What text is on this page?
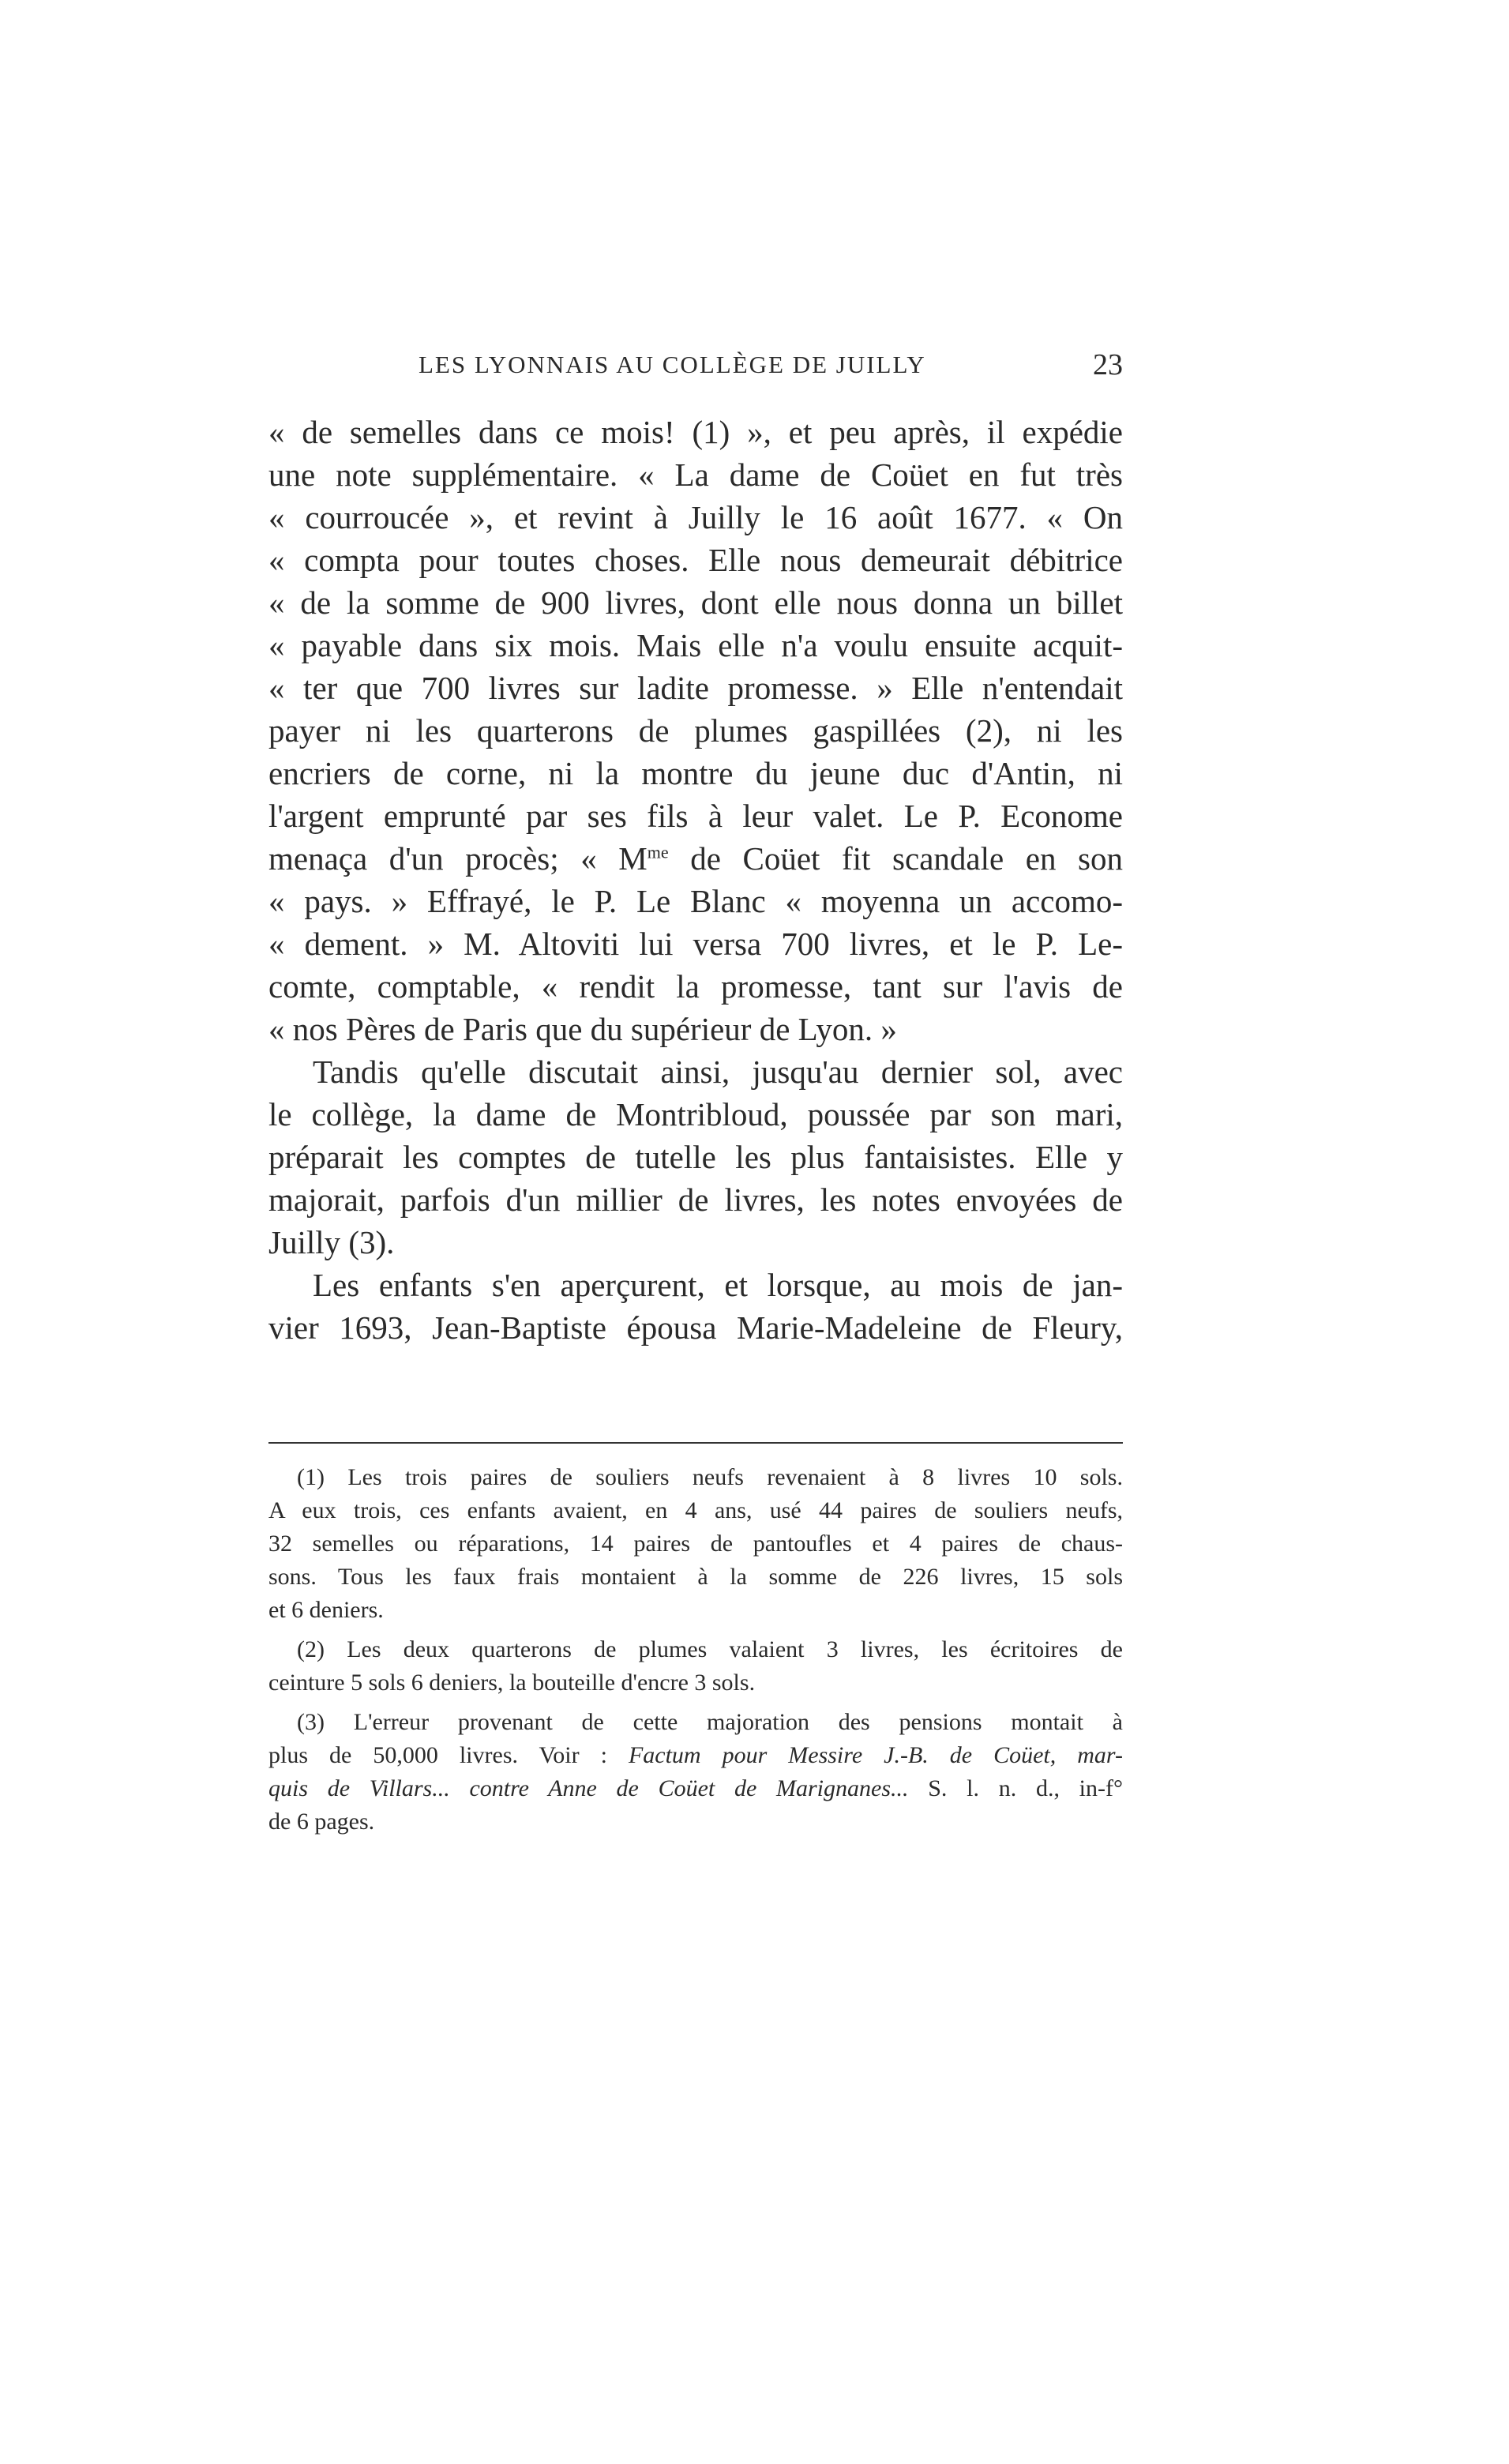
LES LYONNAIS AU COLLÈGE DE JUILLY	23
« de semelles dans ce mois! (1) », et peu après, il expédie
une note supplémentaire. « La dame de Coüet en fut très
« courroucée », et revint à Juilly le 16 août 1677. « On
« compta pour toutes choses. Elle nous demeurait débitrice
« de la somme de 900 livres, dont elle nous donna un billet
« payable dans six mois. Mais elle n'a voulu ensuite acquit-
« ter que 700 livres sur ladite promesse. » Elle n'entendait
payer ni les quarterons de plumes gaspillées (2), ni les
encriers de corne, ni la montre du jeune duc d'Antin, ni
l'argent emprunté par ses fils à leur valet. Le P. Econome
menaça d'un procès; « $M^{me}$ de Coüet fit scandale en son
« pays. » Effrayé, le P. Le Blanc « moyenna un accomo-
« dement. » M. Altoviti lui versa 700 livres, et le P. Le-
comte, comptable, « rendit la promesse, tant sur l'avis de
« nos Pères de Paris que du supérieur de Lyon. »
Tandis qu'elle discutait ainsi, jusqu'au dernier sol, avec
le collège, la dame de Montribloud, poussée par son mari,
préparait les comptes de tutelle les plus fantaisistes. Elle y
majorait, parfois d'un millier de livres, les notes envoyées de
Juilly (3).
Les enfants s'en aperçurent, et lorsque, au mois de jan-
vier 1693, Jean-Baptiste épousa Marie-Madeleine de Fleury,
(1) Les trois paires de souliers neufs revenaient à 8 livres 10 sols.
A eux trois, ces enfants avaient, en 4 ans, usé 44 paires de souliers neufs,
32 semelles ou réparations, 14 paires de pantoufles et 4 paires de chaus-
sons. Tous les faux frais montaient à la somme de 226 livres, 15 sols
et 6 deniers.
(2) Les deux quarterons de plumes valaient 3 livres, les écritoires de
ceinture 5 sols 6 deniers, la bouteille d'encre 3 sols.
(3) L'erreur provenant de cette majoration des pensions montait à
plus de 50,000 livres. Voir : Factum pour Messire J.-B. de Coüet, mar-
quis de Villars... contre Anne de Coüet de Marignanes... S. l. n. d., in-f°
de 6 pages.
